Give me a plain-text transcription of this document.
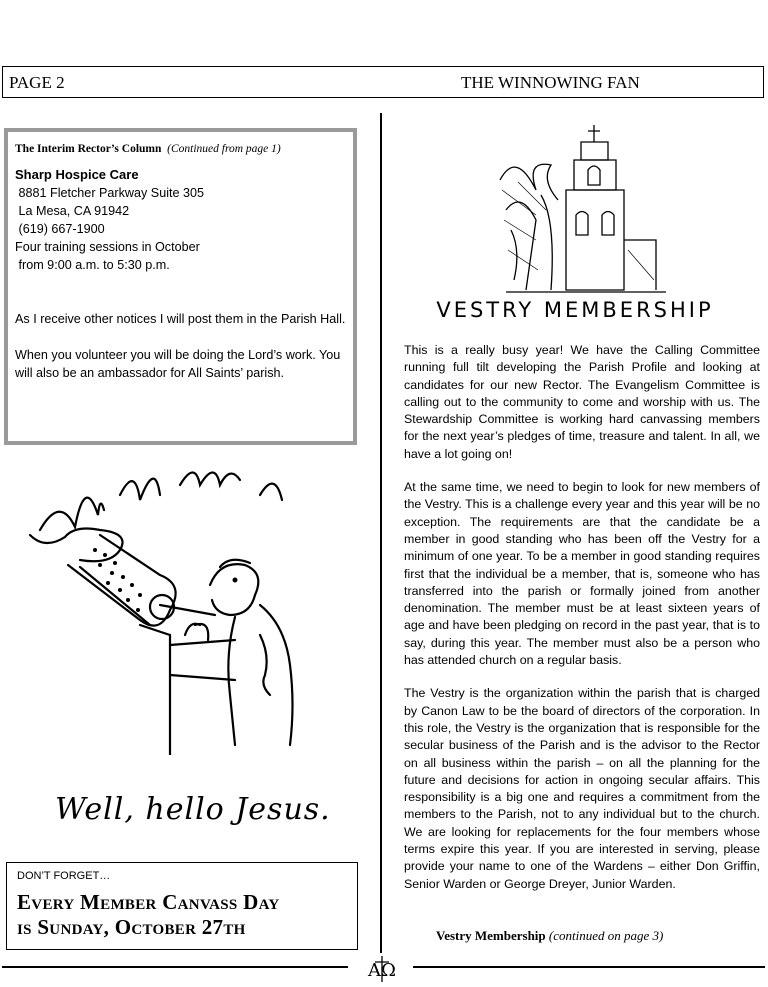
PAGE 2	THE WINNOWING FAN
The Interim Rector’s Column (Continued from page 1)

Sharp Hospice Care

8881 Fletcher Parkway Suite 305

La Mesa, CA 91942

(619) 667-1900

Four training sessions in October

from 9:00 a.m. to 5:30 p.m.

As I receive other notices I will post them in the Parish Hall.

When you volunteer you will be doing the Lord’s work. You will also be an ambassador for All Saints’ parish.

Well, hello Jesus.
DON’T FORGET…
Every Member Canvass Day
is Sunday, October 27th
VESTRY MEMBERSHIP

This is a really busy year! We have the Calling Committee running full tilt developing the Parish Profile and looking at candidates for our new Rector. The Evangelism Committee is calling out to the community to come and worship with us. The Stewardship Committee is working hard canvassing members for the next year’s pledges of time, treasure and talent. In all, we have a lot going on!

At the same time, we need to begin to look for new members of the Vestry. This is a challenge every year and this year will be no exception. The requirements are that the candidate be a member in good standing who has been off the Vestry for a minimum of one year. To be a member in good standing requires first that the individual be a member, that is, someone who has transferred into the parish or formally joined from another denomination. The member must be at least sixteen years of age and have been pledging on record in the past year, that is to say, during this year. The member must also be a person who has attended church on a regular basis.

The Vestry is the organization within the parish that is charged by Canon Law to be the board of directors of the corporation. In this role, the Vestry is the organization that is responsible for the secular business of the Parish and is the advisor to the Rector on all business within the parish – on all the planning for the future and decisions for action in ongoing secular affairs. This responsibility is a big one and requires a commitment from the members to the Parish, not to any individual but to the church. We are looking for replacements for the four members whose terms expire this year. If you are interested in serving, please provide your name to one of the Wardens – either Don Griffin, Senior Warden or George Dreyer, Junior Warden.

Vestry Membership (continued on page 3)
AΩ
